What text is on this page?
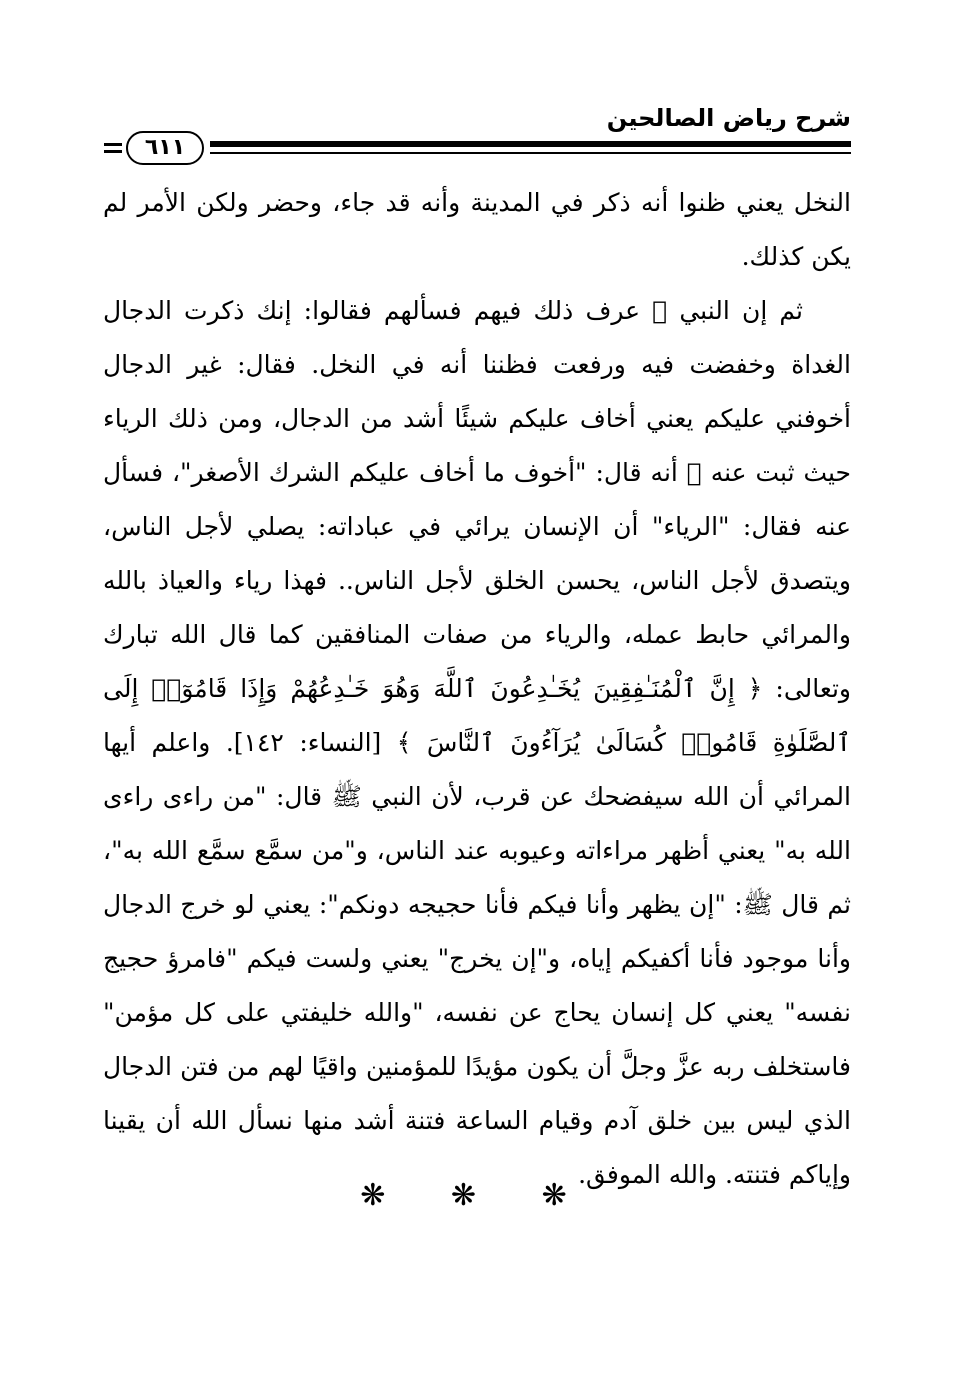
شرح رياض الصالحين
٦١١

النخل يعني ظنوا أنه ذكر في المدينة وأنه قد جاء، وحضر ولكن الأمر لم يكن كذلك.

ثم إن النبي ﷺ عرف ذلك فيهم فسألهم فقالوا: إنك ذكرت الدجال الغداة وخفضت فيه ورفعت فظننا أنه في النخل. فقال: غير الدجال أخوفني عليكم يعني أخاف عليكم شيئًا أشد من الدجال، ومن ذلك الرياء حيث ثبت عنه ﷺ أنه قال: "أخوف ما أخاف عليكم الشرك الأصغر"، فسأل عنه فقال: "الرياء" أن الإنسان يرائي في عباداته: يصلي لأجل الناس، ويتصدق لأجل الناس، يحسن الخلق لأجل الناس.. فهذا رياء والعياذ بالله والمرائي حابط عمله، والرياء من صفات المنافقين كما قال الله تبارك وتعالى: ﴿ إِنَّ ٱلْمُنَـٰفِقِينَ يُخَـٰدِعُونَ ٱللَّهَ وَهُوَ خَـٰدِعُهُمْ وَإِذَا قَامُوٓا۟ إِلَى ٱلصَّلَوٰةِ قَامُوا۟ كُسَالَىٰ يُرَآءُونَ ٱلنَّاسَ ﴾ [النساء: ١٤٢]. واعلم أيها المرائي أن الله سيفضحك عن قرب، لأن النبي ﷺ قال: "من راءى راءى الله به" يعني أظهر مراءاته وعيوبه عند الناس، و"من سمَّع سمَّع الله به"، ثم قال ﷺ: "إن يظهر وأنا فيكم فأنا حجيجه دونكم": يعني لو خرج الدجال وأنا موجود فأنا أكفيكم إياه، و"إن يخرج" يعني ولست فيكم "فامرؤ حجيج نفسه" يعني كل إنسان يحاج عن نفسه، "والله خليفتي على كل مؤمن" فاستخلف ربه عزَّ وجلَّ أن يكون مؤيدًا للمؤمنين واقيًا لهم من فتن الدجال الذي ليس بين خلق آدم وقيام الساعة فتنة أشد منها نسأل الله أن يقينا وإياكم فتنته. والله الموفق.

❋ ❋ ❋
